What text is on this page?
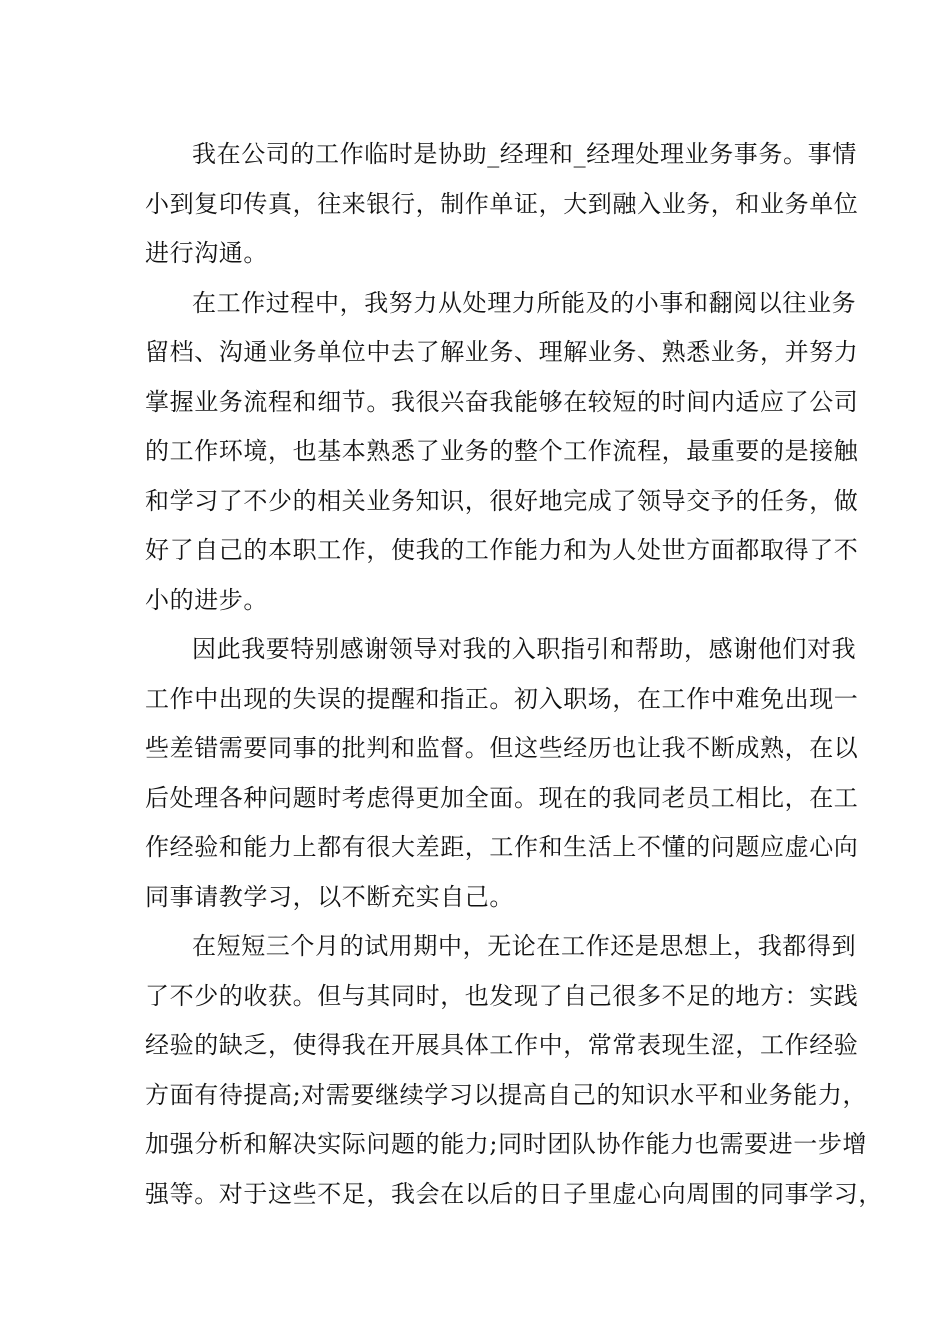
我在公司的工作临时是协助_经理和_经理处理业务事务。事情

小到复印传真，往来银行，制作单证，大到融入业务，和业务单位

进行沟通。

在工作过程中，我努力从处理力所能及的小事和翻阅以往业务

留档、沟通业务单位中去了解业务、理解业务、熟悉业务，并努力

掌握业务流程和细节。我很兴奋我能够在较短的时间内适应了公司

的工作环境，也基本熟悉了业务的整个工作流程，最重要的是接触

和学习了不少的相关业务知识，很好地完成了领导交予的任务，做

好了自己的本职工作，使我的工作能力和为人处世方面都取得了不

小的进步。

因此我要特别感谢领导对我的入职指引和帮助，感谢他们对我

工作中出现的失误的提醒和指正。初入职场，在工作中难免出现一

些差错需要同事的批判和监督。但这些经历也让我不断成熟，在以

后处理各种问题时考虑得更加全面。现在的我同老员工相比，在工

作经验和能力上都有很大差距，工作和生活上不懂的问题应虚心向

同事请教学习，以不断充实自己。

在短短三个月的试用期中，无论在工作还是思想上，我都得到

了不少的收获。但与其同时，也发现了自己很多不足的地方：实践

经验的缺乏，使得我在开展具体工作中，常常表现生涩，工作经验

方面有待提高;对需要继续学习以提高自己的知识水平和业务能力，

加强分析和解决实际问题的能力;同时团队协作能力也需要进一步增

强等。对于这些不足，我会在以后的日子里虚心向周围的同事学习，
